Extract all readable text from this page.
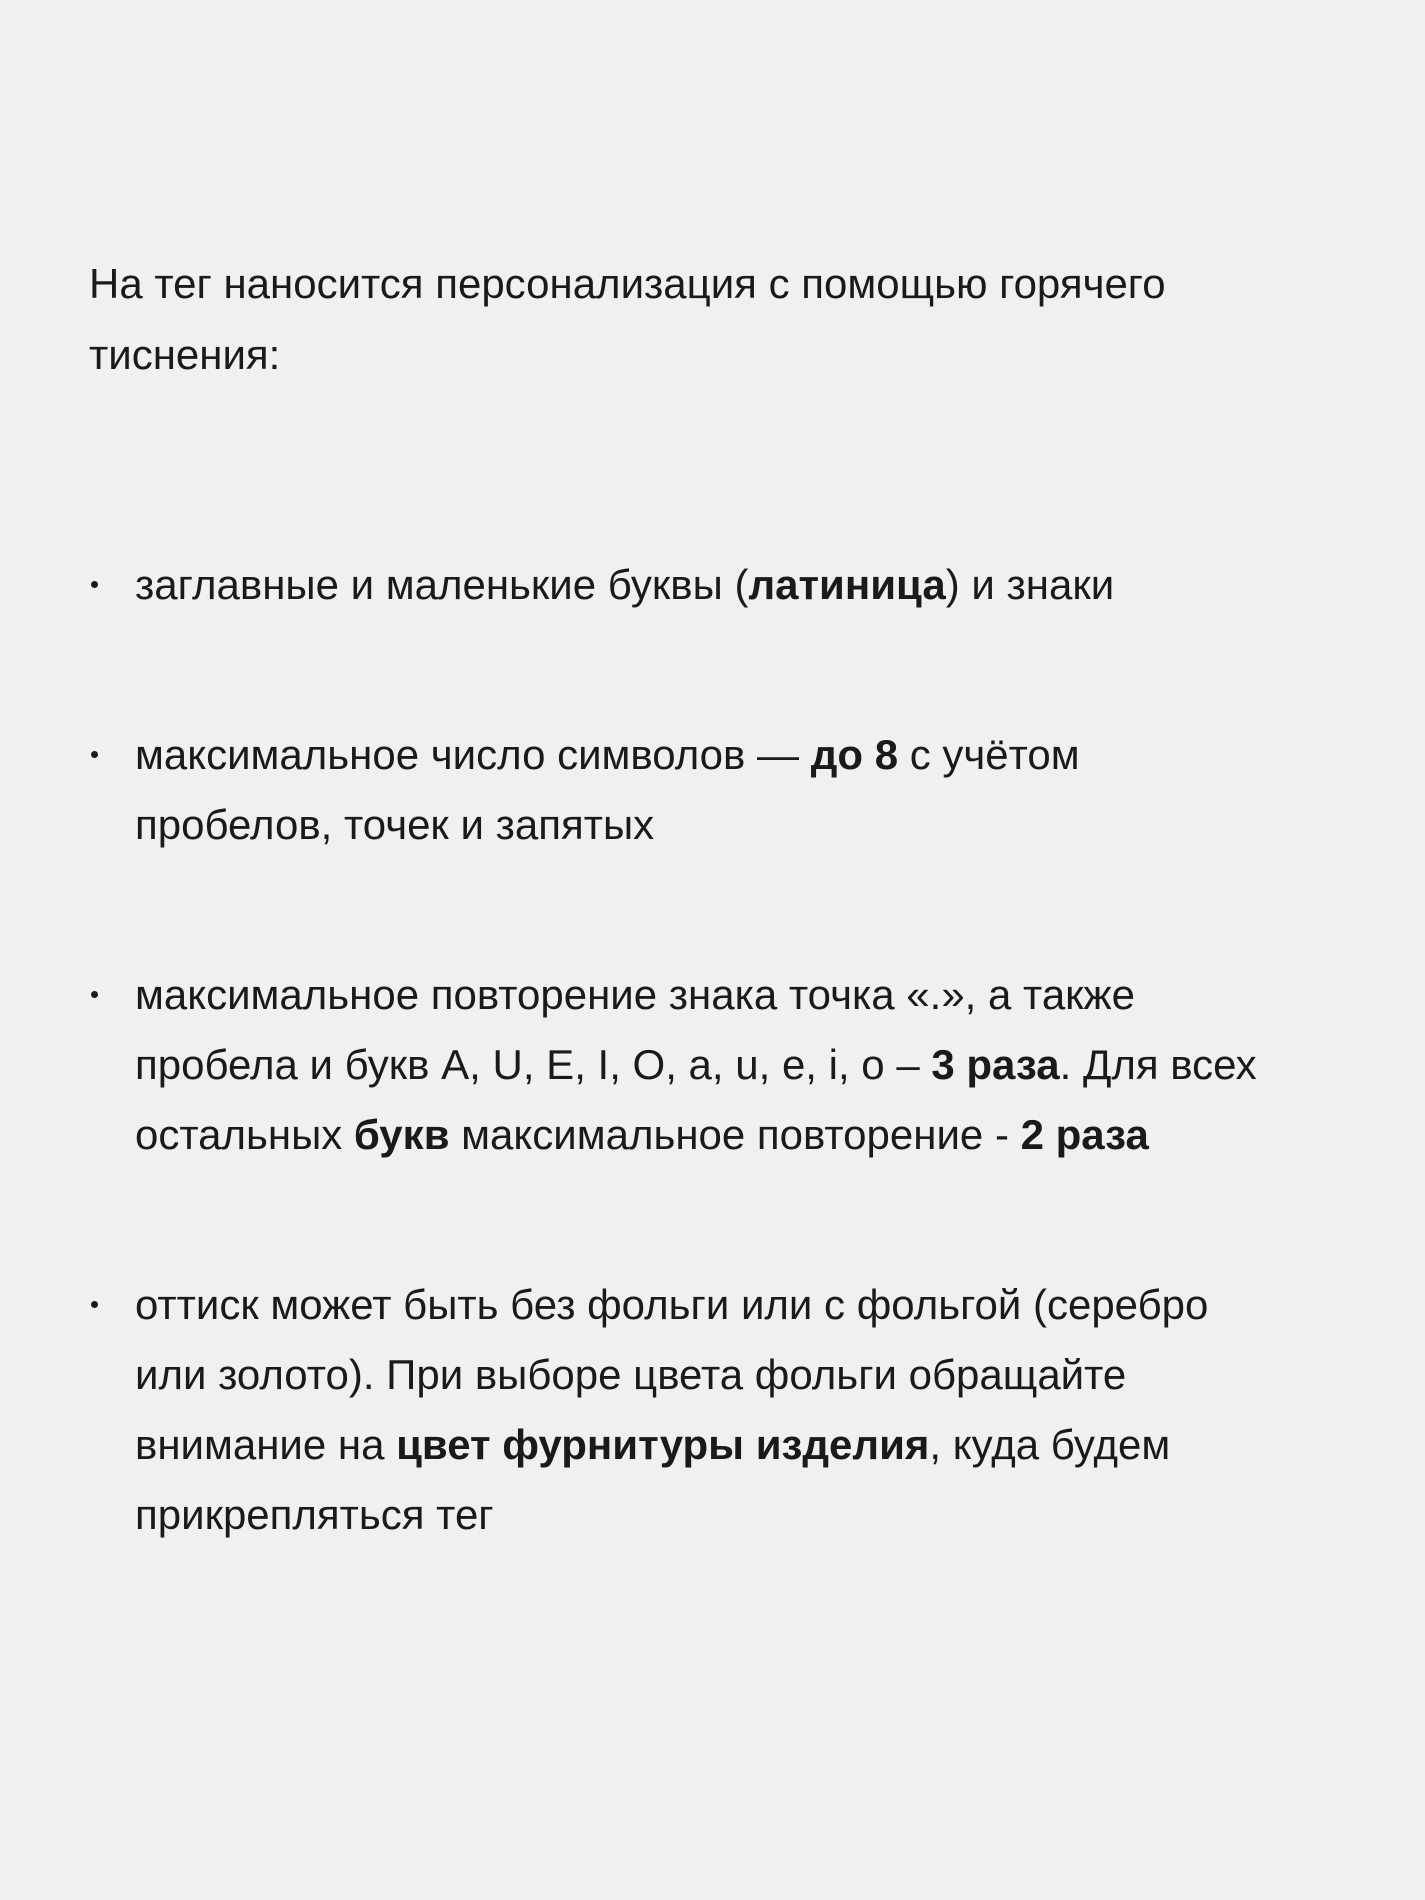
На тег наносится персонализация с помощью горячего
тиснения:

заглавные и маленькие буквы (латиница) и знаки
максимальное число символов — до 8 с учётом
пробелов, точек и запятых
максимальное повторение знака точка «.», а также
пробела и букв A, U, E, I, O, a, u, e, i, o – 3 раза. Для всех
остальных букв максимальное повторение - 2 раза
оттиск может быть без фольги или с фольгой (серебро
или золото). При выборе цвета фольги обращайте
внимание на цвет фурнитуры изделия, куда будем
прикрепляться тег
